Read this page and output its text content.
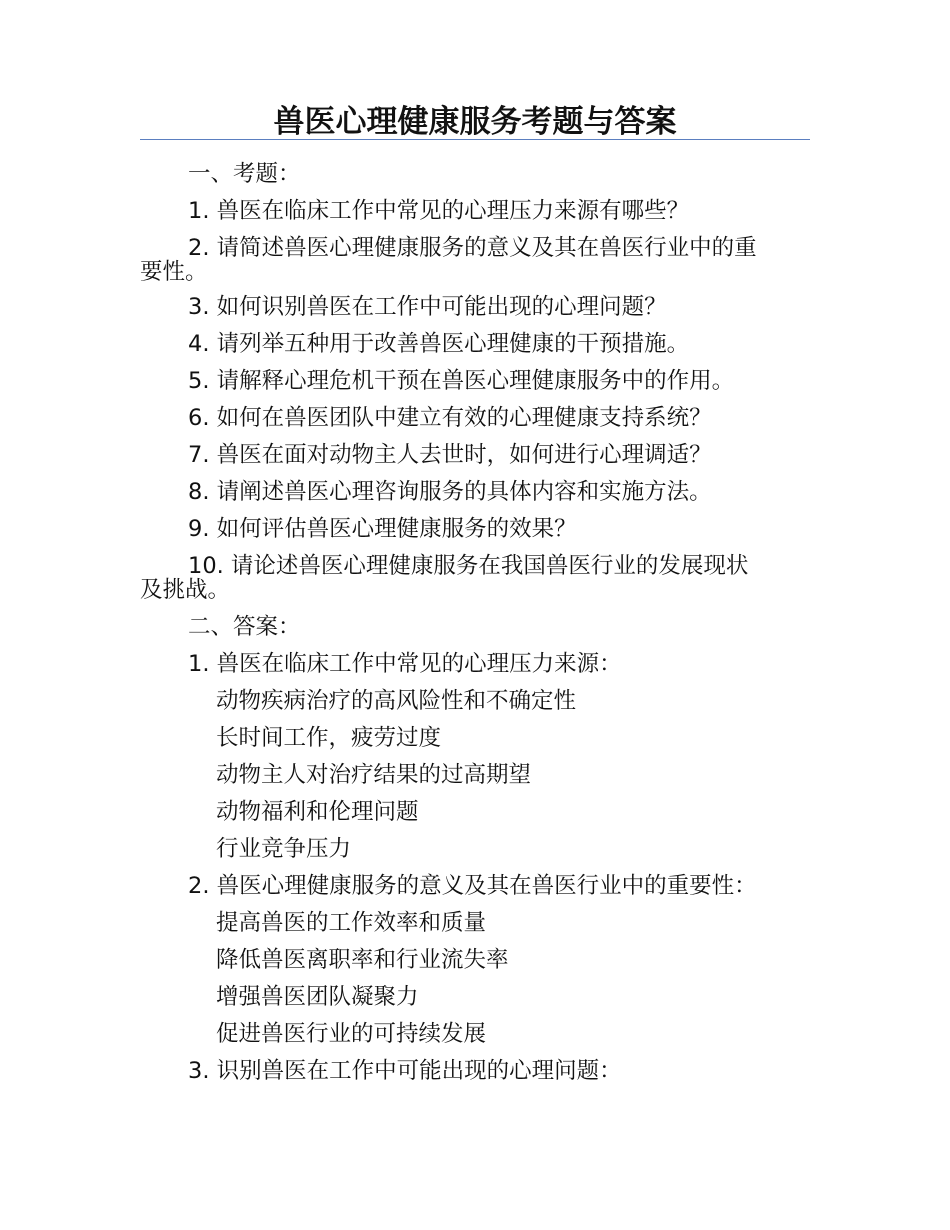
兽医心理健康服务考题与答案
一、考题：
1. 兽医在临床工作中常见的心理压力来源有哪些？
2. 请简述兽医心理健康服务的意义及其在兽医行业中的重
要性。
3. 如何识别兽医在工作中可能出现的心理问题？
4. 请列举五种用于改善兽医心理健康的干预措施。
5. 请解释心理危机干预在兽医心理健康服务中的作用。
6. 如何在兽医团队中建立有效的心理健康支持系统？
7. 兽医在面对动物主人去世时，如何进行心理调适？
8. 请阐述兽医心理咨询服务的具体内容和实施方法。
9. 如何评估兽医心理健康服务的效果？
10. 请论述兽医心理健康服务在我国兽医行业的发展现状
及挑战。
二、答案：
1. 兽医在临床工作中常见的心理压力来源：
动物疾病治疗的高风险性和不确定性
长时间工作，疲劳过度
动物主人对治疗结果的过高期望
动物福利和伦理问题
行业竞争压力
2. 兽医心理健康服务的意义及其在兽医行业中的重要性：
提高兽医的工作效率和质量
降低兽医离职率和行业流失率
增强兽医团队凝聚力
促进兽医行业的可持续发展
3. 识别兽医在工作中可能出现的心理问题：
